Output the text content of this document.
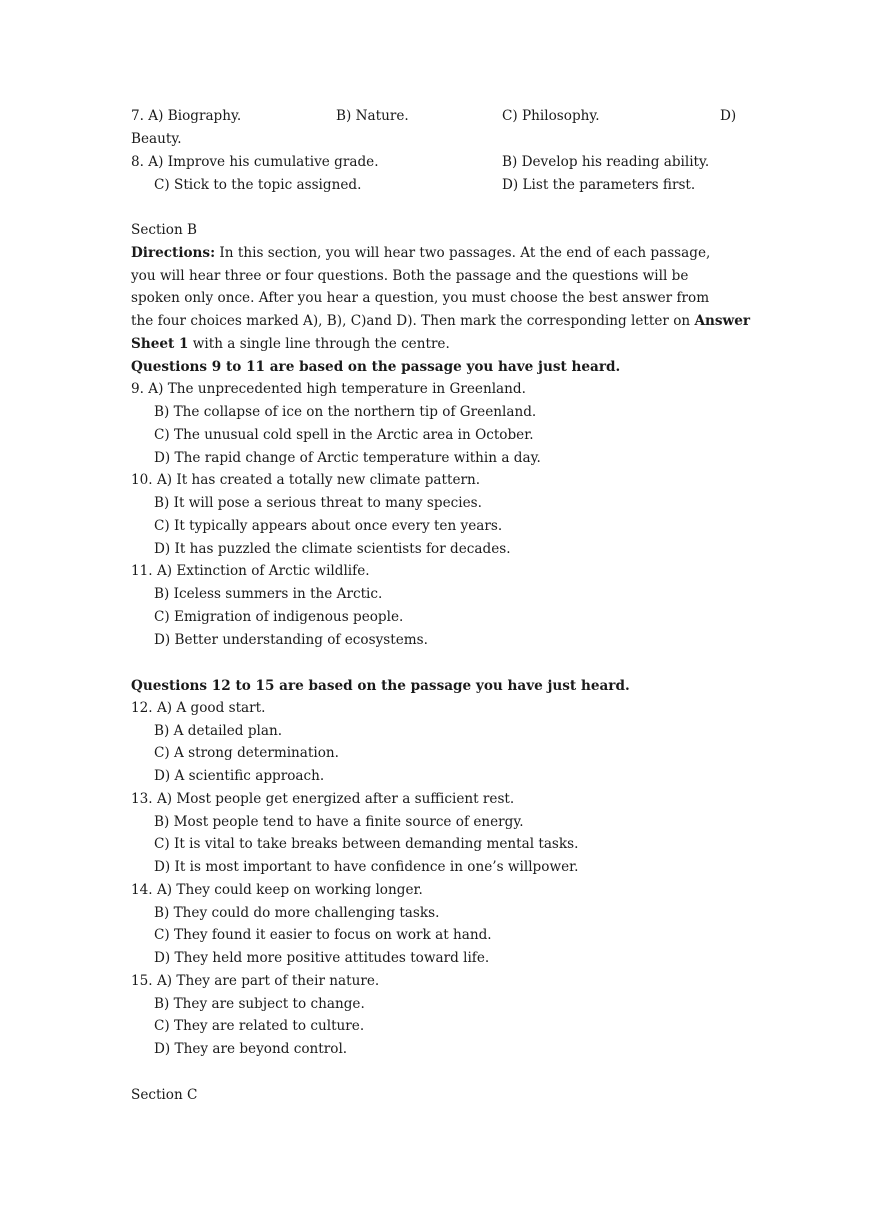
7. A) Biography.	B) Nature.	C) Philosophy.	D)
Beauty.
8. A) Improve his cumulative grade.	B) Develop his reading ability.
C) Stick to the topic assigned.	D) List the parameters first.
Section B
Directions: In this section, you will hear two passages. At the end of each passage,
you will hear three or four questions. Both the passage and the questions will be
spoken only once. After you hear a question, you must choose the best answer from
the four choices marked A), B), C)and D). Then mark the corresponding letter on Answer
Sheet 1 with a single line through the centre.
Questions 9 to 11 are based on the passage you have just heard.
9. A) The unprecedented high temperature in Greenland.
B) The collapse of ice on the northern tip of Greenland.
C) The unusual cold spell in the Arctic area in October.
D) The rapid change of Arctic temperature within a day.
10. A) It has created a totally new climate pattern.
B) It will pose a serious threat to many species.
C) It typically appears about once every ten years.
D) It has puzzled the climate scientists for decades.
11. A) Extinction of Arctic wildlife.
B) Iceless summers in the Arctic.
C) Emigration of indigenous people.
D) Better understanding of ecosystems.
Questions 12 to 15 are based on the passage you have just heard.
12. A) A good start.
B) A detailed plan.
C) A strong determination.
D) A scientific approach.
13. A) Most people get energized after a sufficient rest.
B) Most people tend to have a finite source of energy.
C) It is vital to take breaks between demanding mental tasks.
D) It is most important to have confidence in one’s willpower.
14. A) They could keep on working longer.
B) They could do more challenging tasks.
C) They found it easier to focus on work at hand.
D) They held more positive attitudes toward life.
15. A) They are part of their nature.
B) They are subject to change.
C) They are related to culture.
D) They are beyond control.
Section C
